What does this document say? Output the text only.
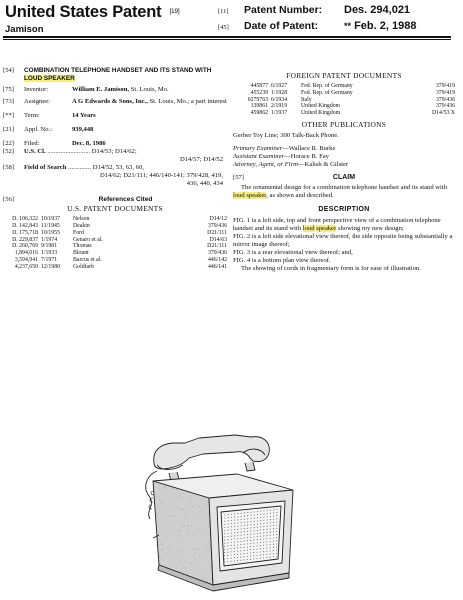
United States Patent [19]
Jamison
[11]	Patent Number:	Des. 294,021
[45]	Date of Patent:	** Feb. 2, 1988
[54]	COMBINATION TELEPHONE HANDSET AND ITS STAND WITH LOUD SPEAKER
[75]	Inventor:	William E. Jamison, St. Louis, Mo.
[73]	Assignee:	A G Edwards & Sons, Inc., St. Louis, Mo.; a part interest
[**]	Term:	14 Years
[21]	Appl. No.:	939,448
[22]	Filed:	Dec. 8, 1986
[52]	U.S. Cl. .......................... D14/53; D14/62;
D14/57; D14/52
[58]	Field of Search .............. D14/52, 53, 63, 60,
D14/62; D21/111; 446/140-141; 379/428, 419,
436, 440, 434
[56]	References Cited
U.S. PATENT DOCUMENTS
D. 106,322	10/1937	Nelson	D14/12
D. 142,843	11/1945	Deakin	379/436
D. 175,718	10/1955	Ford	D21/111
D. 229,837	1/1974	Genaro et al.	D14/63
D. 260,769	9/1981	Thomas	D21/111
1,894,016	1/1933	Blount	379/436
3,594,941	7/1971	Barcus et al.	446/142
4,237,650	12/1980	Goldfarb	446/141
FOREIGN PATENT DOCUMENTS
445877	6/1927	Fed. Rep. of Germany	379/419
455239	1/1928	Fed. Rep. of Germany	379/419
0279763	6/1934	Italy	379/436
139861	2/1919	United Kingdom	379/436
459862	1/1937	United Kingdom	D14/53 X
OTHER PUBLICATIONS
Gerber Toy Line; 300 Talk-Back Phone.
Primary Examiner—Wallace R. Burke
Assistant Examiner—Horace B. Fay
Attorney, Agent, or Firm—Kalish & Gilster
[57]	CLAIM
The ornamental design for a combination telephone handset and its stand with loud speaker, as shown and described.
DESCRIPTION

FIG. 1 is a left side, top and front perspective view of a combination telephone handset and its stand with loud speaker showing my new design;

FIG. 2 is a left side elevational view thereof, the side opposite being substantially a mirror image thereof;

FIG. 3 is a rear elevational view thereof; and,

FIG. 4 is a bottom plan view thereof.

The showing of cords in fragmentary form is for ease of illustration.
